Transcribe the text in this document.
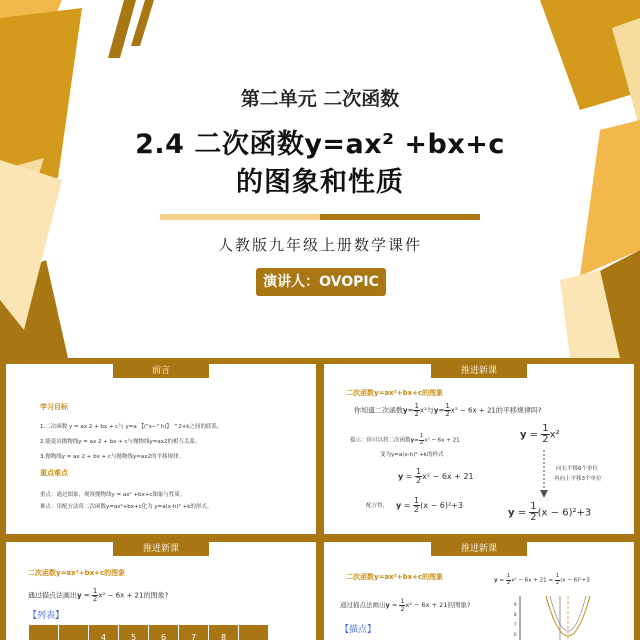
第二单元 二次函数
2.4 二次函数y=ax² +bx+c
的图象和性质
人教版九年级上册数学课件
演讲人：OVOPIC
前言
学习目标
1.二次函数 y = ax 2 + bx + c与 y=a 【("x−" h)】 ^2+k之间的联系。
2.能说出抛物线y = ax 2 + bx + c与抛物线y=ax2的相互关系。
3.抛物线y = ax 2 + bx + c与抛物线y=ax2的平移规律。
重点难点
重点：通过图象，观察抛物线y = ax² +bx+c图象与性质。
难点：用配方法将二次函数y=ax²+bx+c化为 y=a(x-h)² +k的形式。
推进新课
二次函数y=ax²+bx+c的图象
你知道二次函数$y= \frac{1}{2} x^2$与$y= \frac{1}{2} x^2 - 6x + 21$的平移规律吗?
提示：你可以将二次函数$y= \frac{1}{2} x^2 - 6x + 21$
变为y=a(x-h)² +k的样式
$y = \frac{1}{2} x^2 - 6x + 21$
配方得， $y = \frac{1}{2} (x - 6)^2+3$
$y = \frac{1}{2} x^2$
向右平移6个单位
再向上平移3个单位
$y = \frac{1}{2} (x - 6)^2+3$
推进新课
二次函数y=ax²+bx+c的图象
通过描点法画出$y = \frac{1}{2} x^2 - 6x + 21$的图象?
【列表】
		4	5	6	7	8	
推进新课
二次函数y=ax²+bx+c的图象	$y = \frac{1}{2} x^2 - 6x + 21 = \frac{1}{2} (x - 6)^2+3$
通过描点法画出$y = \frac{1}{2} x^2 - 6x + 21$的图象?
【描点】
9
8
7
6
